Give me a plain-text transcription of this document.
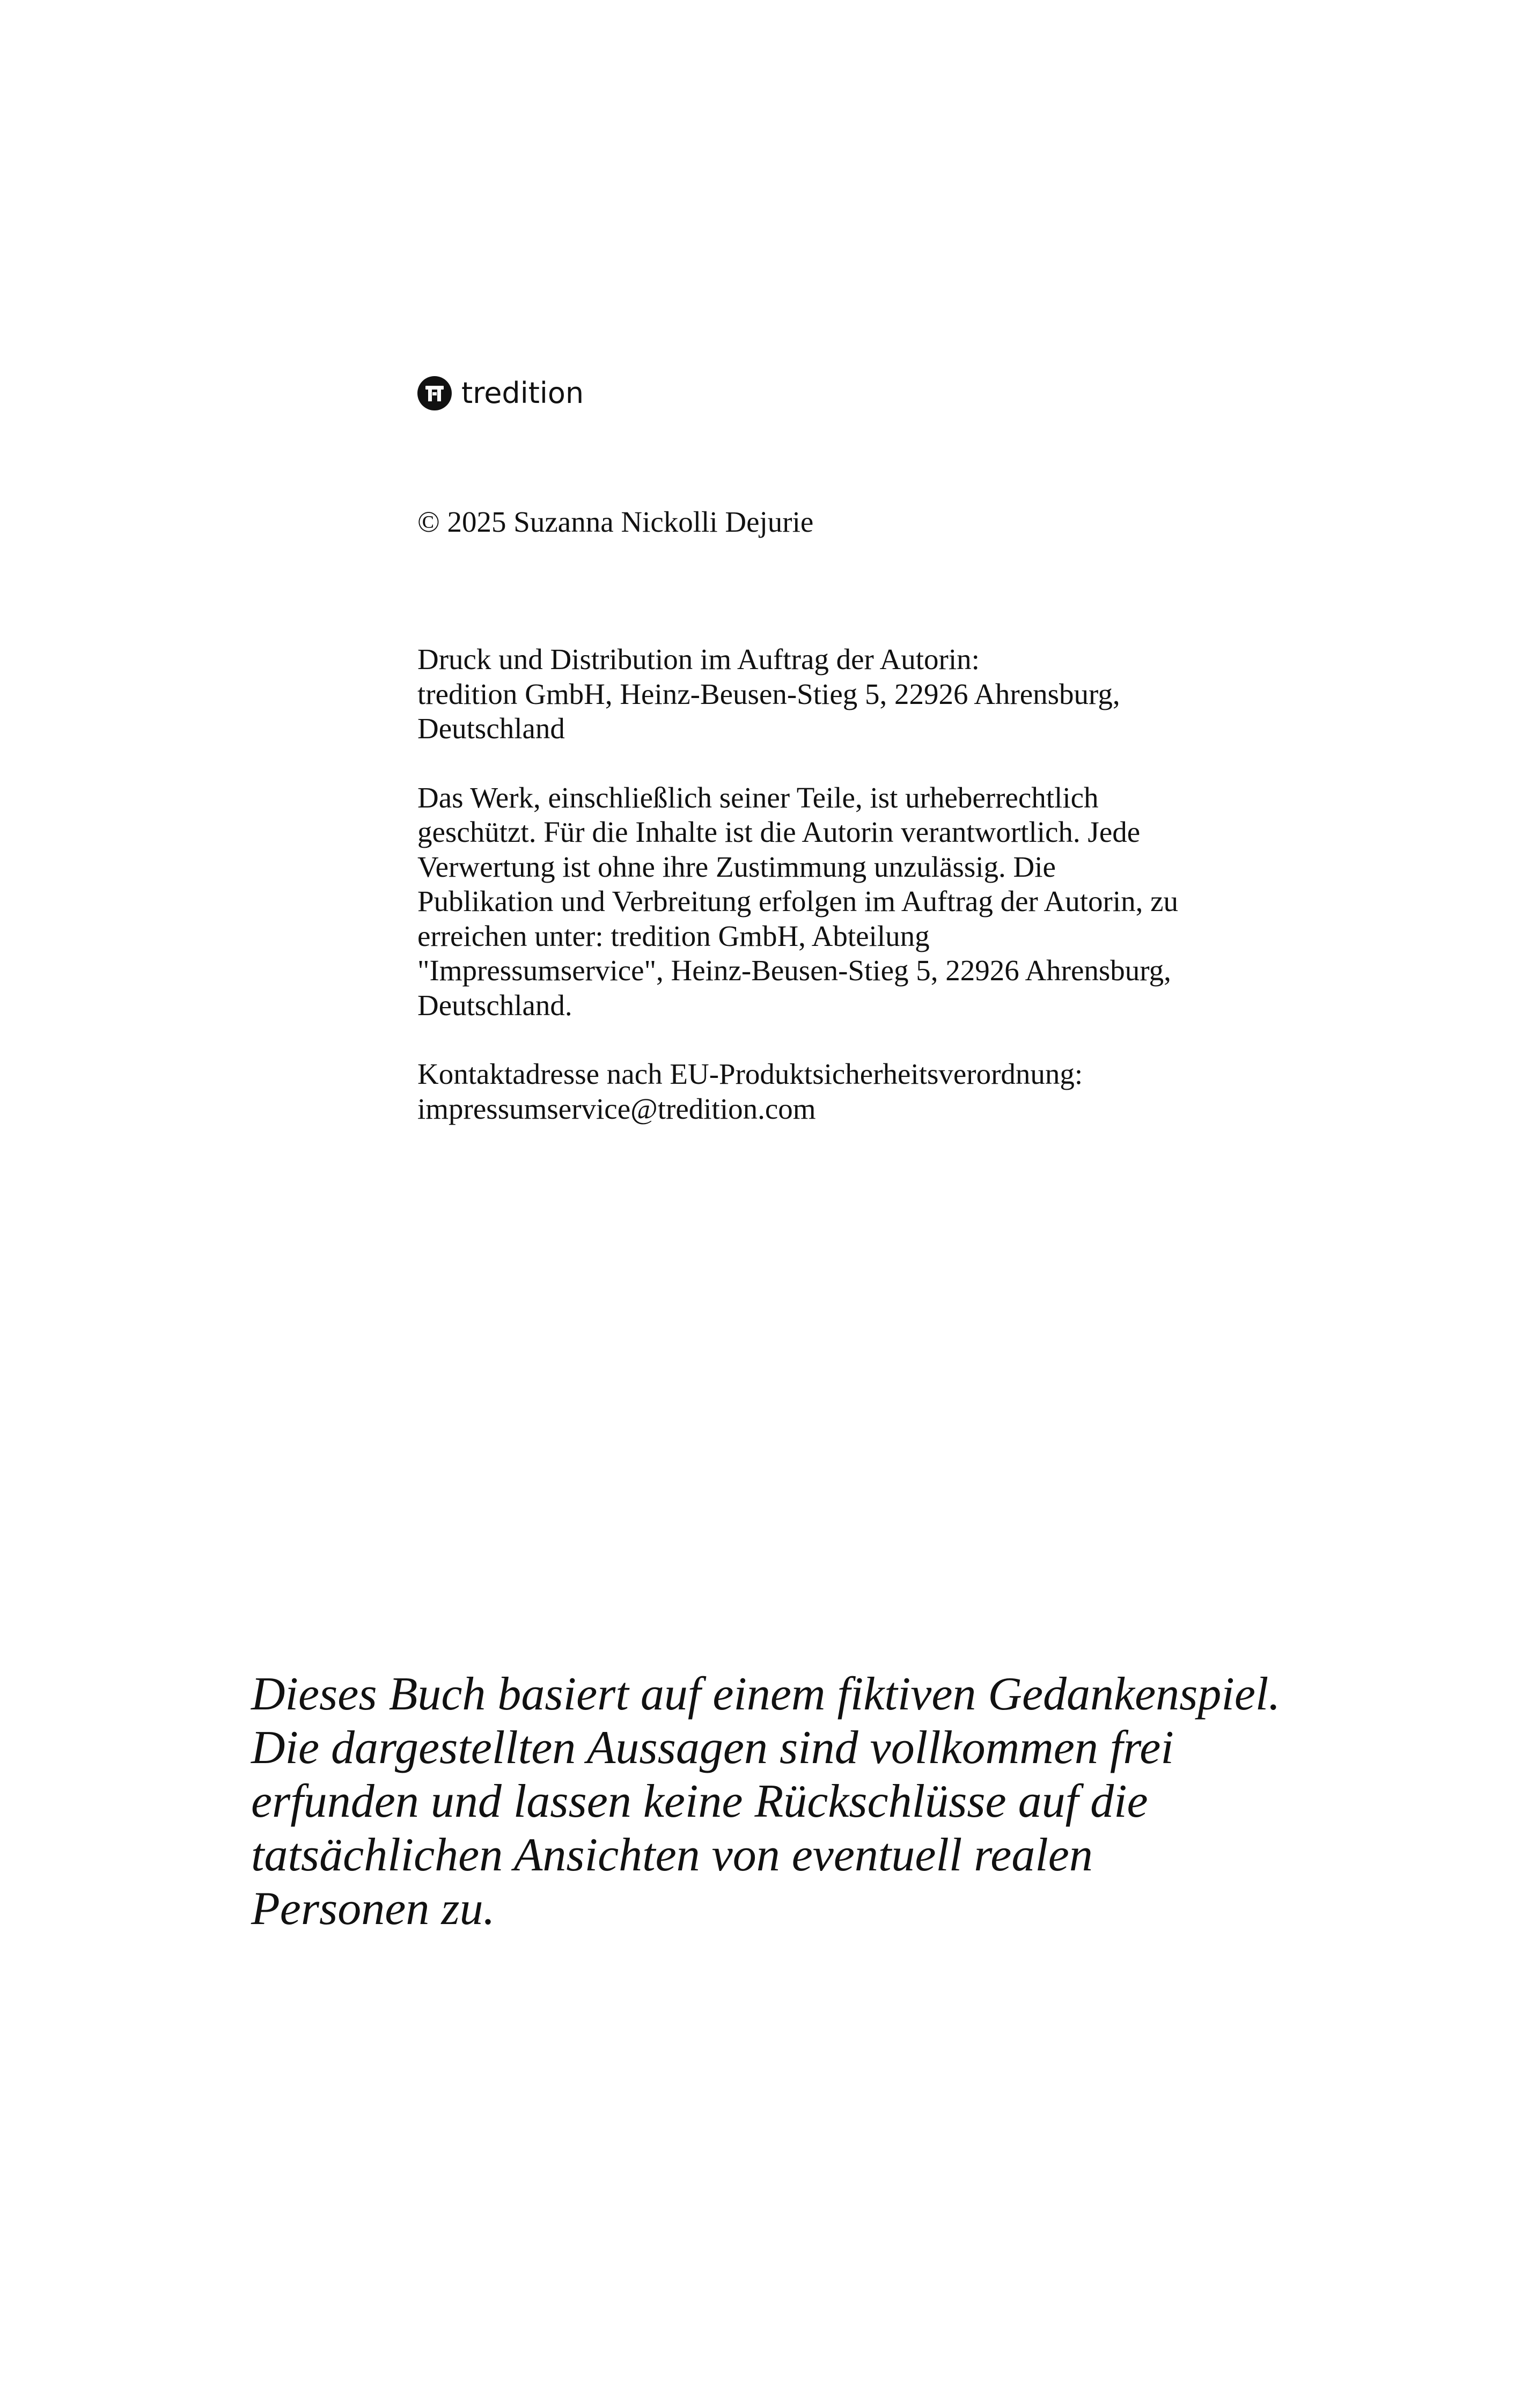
tredition
© 2025 Suzanna Nickolli Dejurie

Druck und Distribution im Auftrag der Autorin:
tredition GmbH, Heinz-Beusen-Stieg 5, 22926 Ahrensburg,
Deutschland

Das Werk, einschließlich seiner Teile, ist urheberrechtlich
geschützt. Für die Inhalte ist die Autorin verantwortlich. Jede
Verwertung ist ohne ihre Zustimmung unzulässig. Die
Publikation und Verbreitung erfolgen im Auftrag der Autorin, zu
erreichen unter: tredition GmbH, Abteilung
"Impressumservice", Heinz-Beusen-Stieg 5, 22926 Ahrensburg,
Deutschland.

Kontaktadresse nach EU-Produktsicherheitsverordnung:
impressumservice@tredition.com

Dieses Buch basiert auf einem fiktiven Gedankenspiel.
Die dargestellten Aussagen sind vollkommen frei
erfunden und lassen keine Rückschlüsse auf die
tatsächlichen Ansichten von eventuell realen
Personen zu.
